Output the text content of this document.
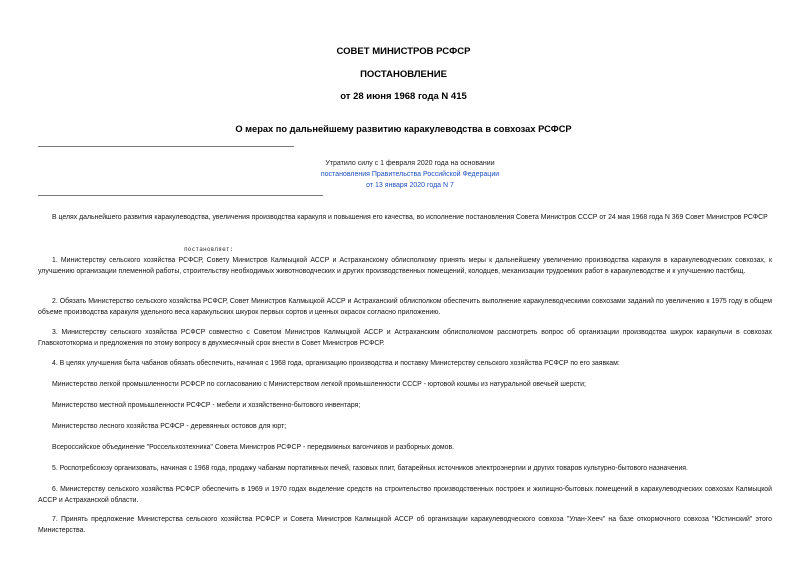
СОВЕТ МИНИСТРОВ РСФСР
ПОСТАНОВЛЕНИЕ
от 28 июня 1968 года N 415
О мерах по дальнейшему развитию каракулеводства в совхозах РСФСР
Утратило силу с 1 февраля 2020 года на основании
постановления Правительства Российской Федерации
от 13 января 2020 года N 7
В целях дальнейшего развития каракулеводства, увеличения производства каракуля и повышения его качества, во исполнение постановления Совета Министров СССР от 24 мая 1968 года N 369 Совет Министров РСФСР
постановляет:
1. Министерству сельского хозяйства РСФСР, Совету Министров Калмыцкой АССР и Астраханскому облисполкому принять меры к дальнейшему увеличению производства каракуля в каракулеводческих совхозах, к улучшению организации племенной работы, строительству необходимых животноводческих и других производственных помещений, колодцев, механизации трудоемких работ в каракулеводстве и к улучшению пастбищ.
2. Обязать Министерство сельского хозяйства РСФСР, Совет Министров Калмыцкой АССР и Астраханский облисполком обеспечить выполнение каракулеводческими совхозами заданий по увеличению к 1975 году в общем объеме производства каракуля удельного веса каракульских шкурок первых сортов и ценных окрасок согласно приложению.
3. Министерству сельского хозяйства РСФСР совместно с Советом Министров Калмыцкой АССР и Астраханским облисполкомом рассмотреть вопрос об организации производства шкурок каракульчи в совхозах Главскототкорма и предложения по этому вопросу в двухмесячный срок внести в Совет Министров РСФСР.
4. В целях улучшения быта чабанов обязать обеспечить, начиная с 1968 года, организацию производства и поставку Министерству сельского хозяйства РСФСР по его заявкам:
Министерство легкой промышленности РСФСР по согласованию с Министерством легкой промышленности СССР - юртовой кошмы из натуральной овечьей шерсти;
Министерство местной промышленности РСФСР - мебели и хозяйственно-бытового инвентаря;
Министерство лесного хозяйства РСФСР - деревянных остовов для юрт;
Всероссийское объединение "Россельхозтехника" Совета Министров РСФСР - передвижных вагончиков и разборных домов.
5. Роспотребсоюзу организовать, начиная с 1968 года, продажу чабанам портативных печей, газовых плит, батарейных источников электроэнергии и других товаров культурно-бытового назначения.
6. Министерству сельского хозяйства РСФСР обеспечить в 1969 и 1970 годах выделение средств на строительство производственных построек и жилищно-бытовых помещений в каракулеводческих совхозах Калмыцкой АССР и Астраханской области.
7. Принять предложение Министерства сельского хозяйства РСФСР и Совета Министров Калмыцкой АССР об организации каракулеводческого совхоза "Улан-Хееч" на базе откормочного совхоза "Юстинский" этого Министерства.
